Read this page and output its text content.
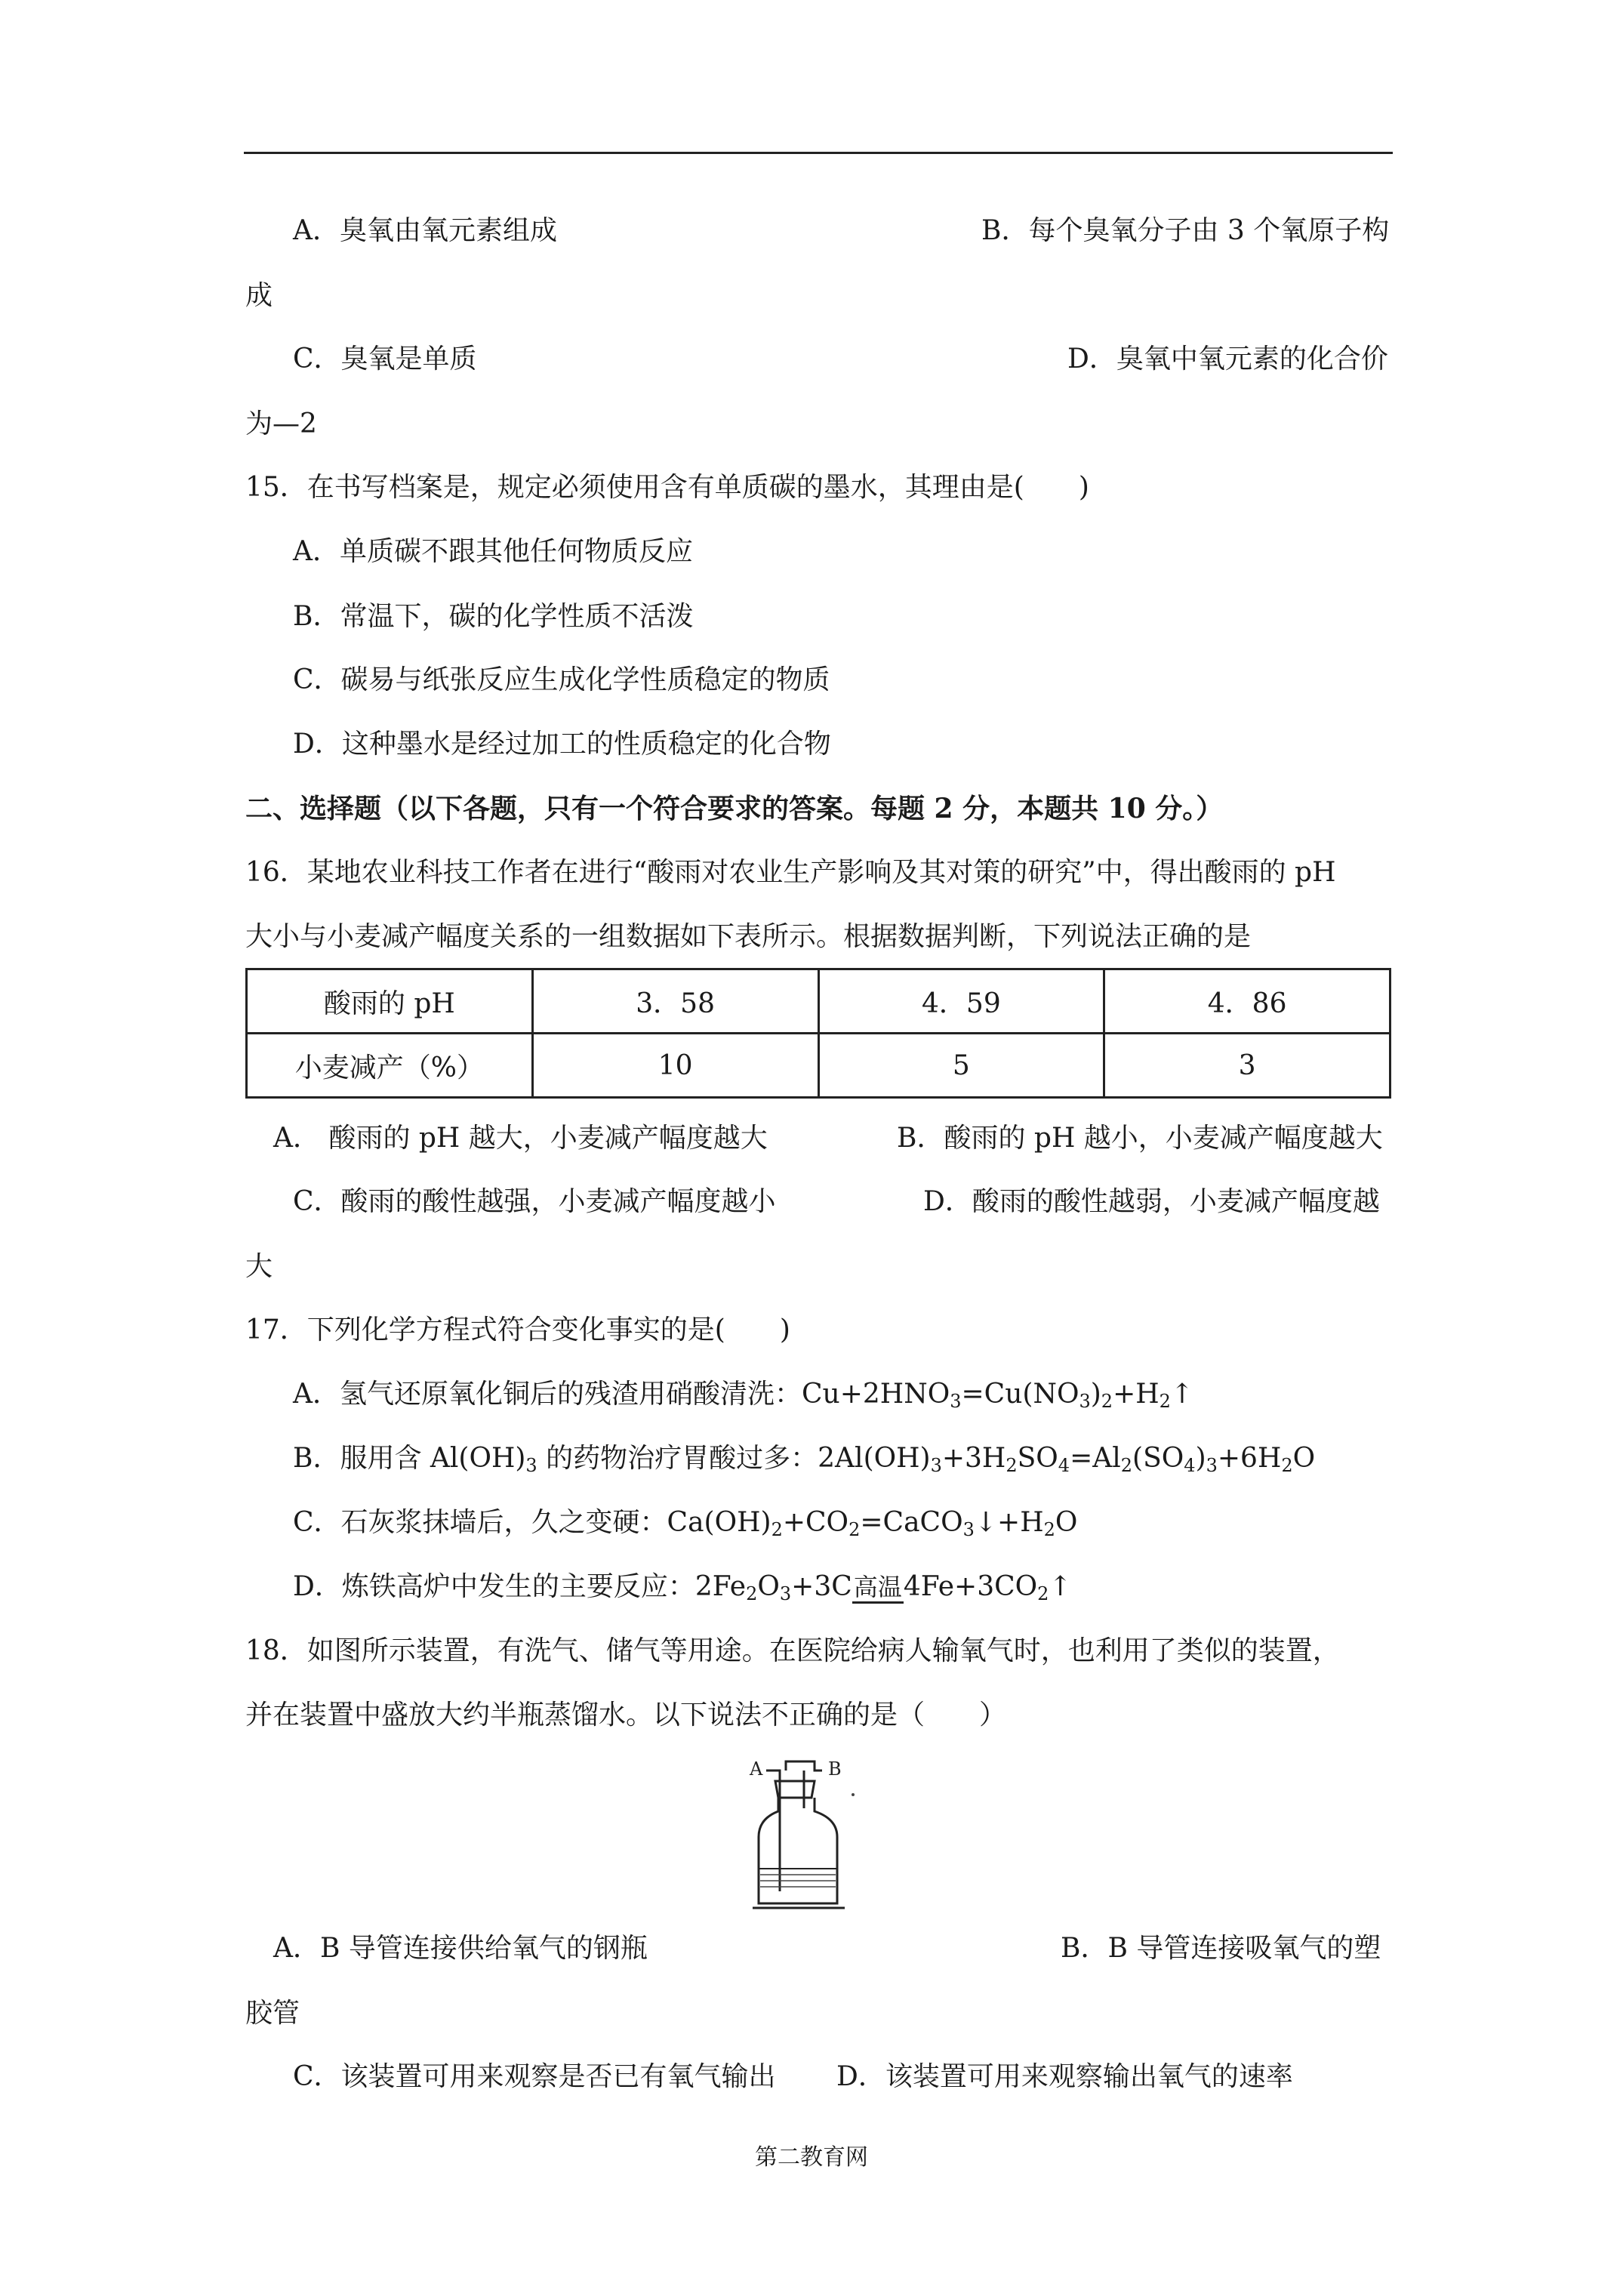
A．臭氧由氧元素组成	B．每个臭氧分子由 3 个氧原子构
成
C．臭氧是单质	D．臭氧中氧元素的化合价
为—2
15．在书写档案是，规定必须使用含有单质碳的墨水，其理由是(　　)
A．单质碳不跟其他任何物质反应
B．常温下，碳的化学性质不活泼
C．碳易与纸张反应生成化学性质稳定的物质
D．这种墨水是经过加工的性质稳定的化合物
二、选择题（以下各题，只有一个符合要求的答案。每题 2 分，本题共 10 分。）
16．某地农业科技工作者在进行“酸雨对农业生产影响及其对策的研究”中，得出酸雨的 pH
大小与小麦减产幅度关系的一组数据如下表所示。根据数据判断，下列说法正确的是
酸雨的 pH	3．58	4．59	4．86
小麦减产（%）	10	5	3
A． 酸雨的 pH 越大，小麦减产幅度越大	B．酸雨的 pH 越小，小麦减产幅度越大
C．酸雨的酸性越强，小麦减产幅度越小	D．酸雨的酸性越弱，小麦减产幅度越
大
17．下列化学方程式符合变化事实的是(　　)
A．氢气还原氧化铜后的残渣用硝酸清洗：$Cu+2HNO_3=Cu(NO_3)_2+H_2↑$
B．服用含 $Al(OH)_3$ 的药物治疗胃酸过多：$2Al(OH)_3+3H_2SO_4=Al_2(SO_4)_3+6H_2O$
C．石灰浆抹墙后，久之变硬：$Ca(OH)_2+CO_2=CaCO_3↓+H_2O$
D．炼铁高炉中发生的主要反应：$2Fe_2O_3+3C$高温$4Fe+3CO_2↑$
18．如图所示装置，有洗气、储气等用途。在医院给病人输氧气时，也利用了类似的装置，
并在装置中盛放大约半瓶蒸馏水。以下说法不正确的是（　　）
A	B
A．B 导管连接供给氧气的钢瓶	B．B 导管连接吸氧气的塑
胶管
C．该装置可用来观察是否已有氧气输出 D．该装置可用来观察输出氧气的速率
第二教育网
